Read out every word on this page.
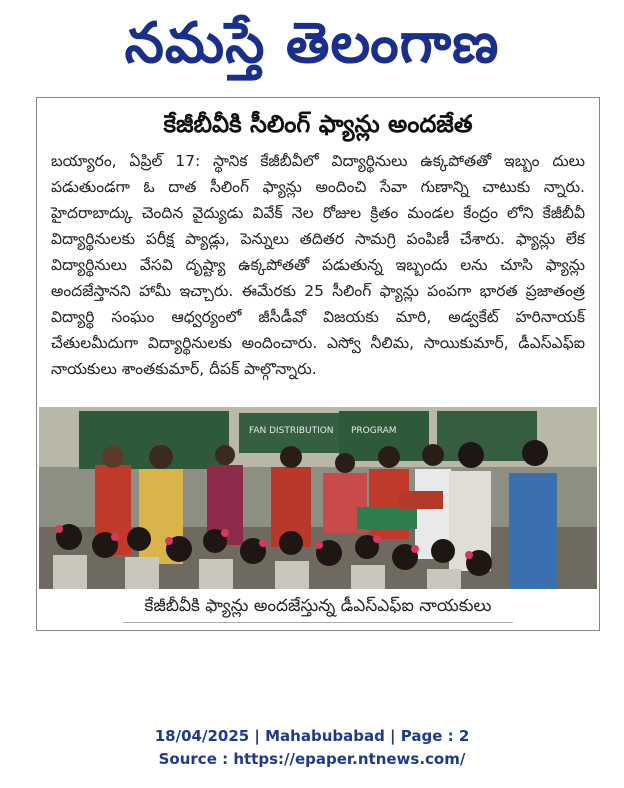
నమస్తే తెలంగాణ
కేజీబీవీకి సీలింగ్ ఫ్యాన్లు అందజేత
బయ్యారం, ఏప్రిల్ 17: స్థానిక కేజీబీవీలో విద్యార్థినులు ఉక్కపోతతో ఇబ్బం దులు పడుతుండగా ఓ దాత సీలింగ్ ఫ్యాన్లు అందించి సేవా గుణాన్ని చాటుకు న్నారు. హైదరాబాద్కు చెందిన వైద్యుడు వివేక్ నెల రోజుల క్రితం మండల కేంద్రం లోని కేజీబీవీ విద్యార్థినులకు పరీక్ష ప్యాడ్లు, పెన్నులు తదితర సామగ్రి పంపిణీ చేశారు. ఫ్యాన్లు లేక విద్యార్థినులు వేసవి దృష్ట్యా ఉక్కపోతతో పడుతున్న ఇబ్బందు లను చూసి ఫ్యాన్లు అందజేస్తానని హామీ ఇచ్చారు. ఈమేరకు 25 సీలింగ్ ఫ్యాన్లు పంపగా భారత ప్రజాతంత్ర విద్యార్థి సంఘం ఆధ్వర్యంలో జీసీడీవో విజయకు మారి, అడ్వకేట్ హరినాయక్ చేతులమీదుగా విద్యార్థినులకు అందించారు. ఎస్వో నీలిమ, సాయికుమార్, డీఎస్ఎఫ్ఐ నాయకులు శాంతకుమార్, దీపక్ పాల్గొన్నారు.
FAN DISTRIBUTION PROGRAM
కేజీబీవీకి ఫ్యాన్లు అందజేస్తున్న డీఎస్ఎఫ్ఐ నాయకులు
18/04/2025 | Mahabubabad | Page : 2
Source : https://epaper.ntnews.com/
